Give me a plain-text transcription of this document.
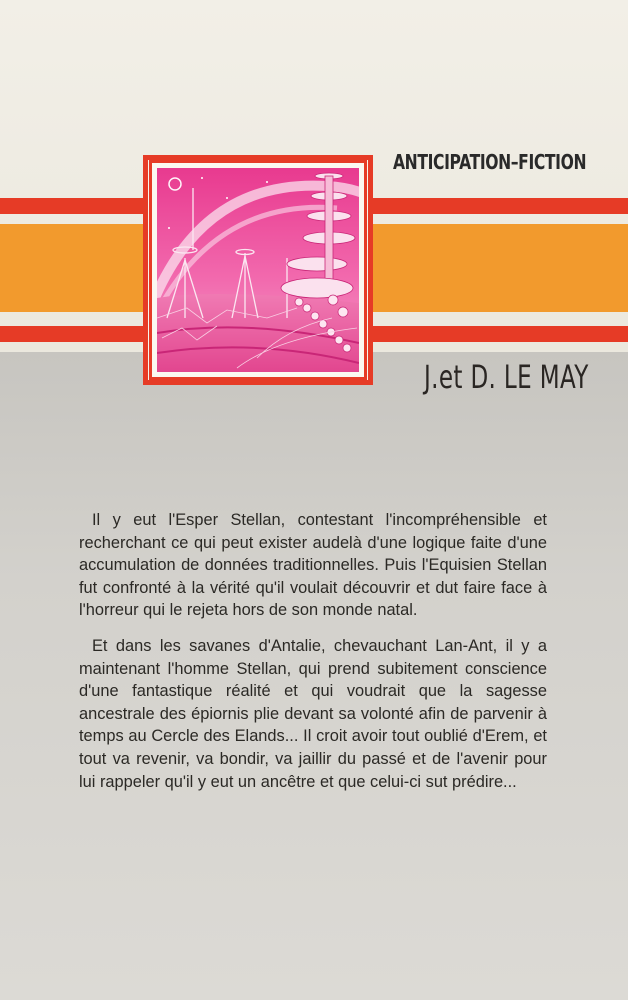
ANTICIPATION–FICTION
J.et D. LE MAY

Il y eut l'Esper Stellan, contestant l'incompréhensible et recherchant ce qui peut exister audelà d'une logique faite d'une accumulation de données traditionnelles. Puis l'Equisien Stellan fut confronté à la vérité qu'il voulait découvrir et dut faire face à l'horreur qui le rejeta hors de son monde natal.

Et dans les savanes d'Antalie, chevauchant Lan-Ant, il y a maintenant l'homme Stellan, qui prend subitement conscience d'une fantastique réalité et qui voudrait que la sagesse ancestrale des épiornis plie devant sa volonté afin de parvenir à temps au Cercle des Elands... Il croit avoir tout oublié d'Erem, et tout va revenir, va bondir, va jaillir du passé et de l'avenir pour lui rappeler qu'il y eut un ancêtre et que celui-ci sut prédire...
